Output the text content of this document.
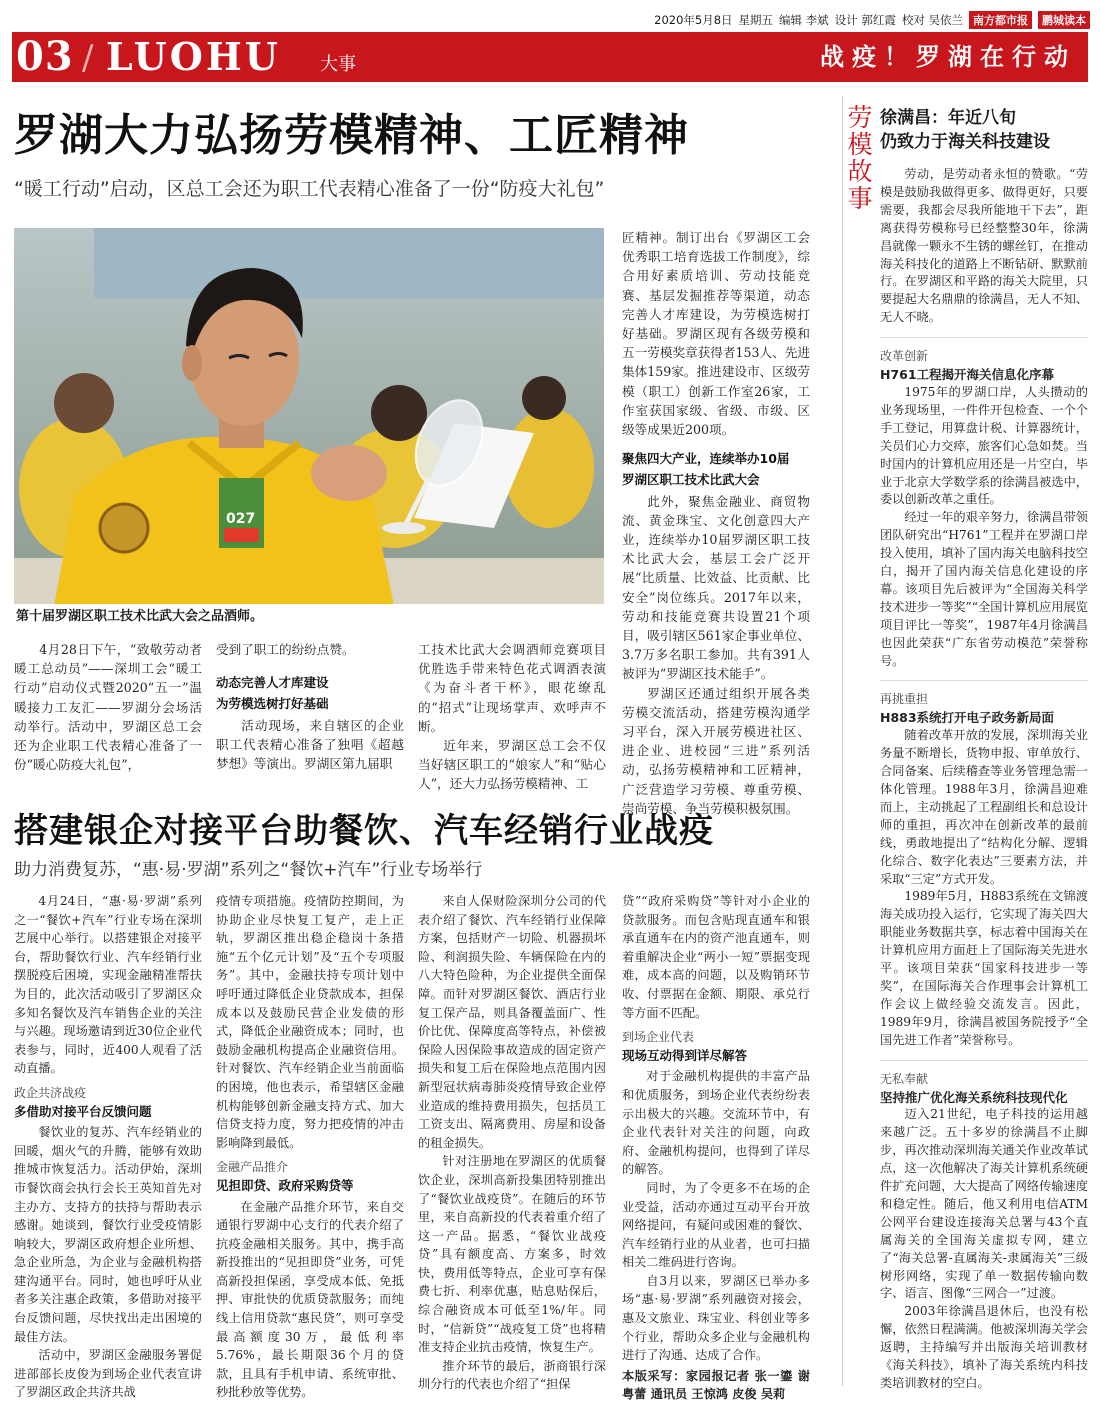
2020年5月8日 星期五 编辑 李斌 设计 郭红霞 校对 吴依兰 南方都市报	鹏城读本
03 / LUOHU 大事	战疫！罗湖在行动
罗湖大力弘扬劳模精神、工匠精神
“暖工行动”启动，区总工会还为职工代表精心准备了一份“防疫大礼包”
027
第十届罗湖区职工技术比武大会之品酒师。

匠精神。制订出台《罗湖区工会优秀职工培育选拔工作制度》，综合用好素质培训、劳动技能竞赛、基层发掘推荐等渠道，动态完善人才库建设，为劳模选树打好基础。罗湖区现有各级劳模和五一劳模奖章获得者153人、先进集体159家。推进建设市、区级劳模（职工）创新工作室26家，工作室获国家级、省级、市级、区级等成果近200项。

聚焦四大产业，连续举办10届
罗湖区职工技术比武大会

此外，聚焦金融业、商贸物流、黄金珠宝、文化创意四大产业，连续举办10届罗湖区职工技术比武大会，基层工会广泛开展“比质量、比效益、比贡献、比安全”岗位练兵。2017年以来，劳动和技能竞赛共设置21个项目，吸引辖区561家企事业单位、3.7万多名职工参加。共有391人被评为“罗湖区技术能手”。

罗湖区还通过组织开展各类劳模交流活动，搭建劳模沟通学习平台，深入开展劳模进社区、进企业、进校园“三进”系列活动，弘扬劳模精神和工匠精神，广泛营造学习劳模、尊重劳模、崇尚劳模、争当劳模积极氛围。

4月28日下午，“致敬劳动者 暖工总动员”——深圳工会“暖工行动”启动仪式暨2020“五一”温暖接力工友汇——罗湖分会场活动举行。活动中，罗湖区总工会还为企业职工代表精心准备了一份“暖心防疫大礼包”，

受到了职工的纷纷点赞。

动态完善人才库建设
为劳模选树打好基础

活动现场，来自辖区的企业职工代表精心准备了独唱《超越梦想》等演出。罗湖区第九届职

工技术比武大会调酒师竞赛项目优胜选手带来特色花式调酒表演《为奋斗者干杯》，眼花缭乱的“招式”让现场掌声、欢呼声不断。

近年来，罗湖区总工会不仅当好辖区职工的“娘家人”和“贴心人”，还大力弘扬劳模精神、工

搭建银企对接平台助餐饮、汽车经销行业战疫
助力消费复苏，“惠·易·罗湖”系列之“餐饮+汽车”行业专场举行

4月24日，“惠·易·罗湖”系列之一“餐饮+汽车”行业专场在深圳艺展中心举行。以搭建银企对接平台，帮助餐饮行业、汽车经销行业摆脱疫后困境，实现金融精准帮扶为目的，此次活动吸引了罗湖区众多知名餐饮及汽车销售企业的关注与兴趣。现场邀请到近30位企业代表参与，同时，近400人观看了活动直播。

政企共济战疫
多借助对接平台反馈问题

餐饮业的复苏、汽车经销业的回暖，烟火气的升腾，能够有效助推城市恢复活力。活动伊始，深圳市餐饮商会执行会长王英知首先对主办方、支持方的扶持与帮助表示感谢。她谈到，餐饮行业受疫情影响较大，罗湖区政府想企业所想、急企业所急，为企业与金融机构搭建沟通平台。同时，她也呼吁从业者多关注惠企政策，多借助对接平台反馈问题，尽快找出走出困境的最佳方法。

活动中，罗湖区金融服务署促进部部长皮俊为到场企业代表宣讲了罗湖区政企共济共战

疫情专项措施。疫情防控期间，为协助企业尽快复工复产，走上正轨，罗湖区推出稳企稳岗十条措施“五个亿元计划”及“五个专项服务”。其中，金融扶持专项计划中呼吁通过降低企业贷款成本，担保成本以及鼓励民营企业发债的形式，降低企业融资成本；同时，也鼓励金融机构提高企业融资信用。针对餐饮、汽车经销企业当前面临的困境，他也表示，希望辖区金融机构能够创新金融支持方式、加大信贷支持力度，努力把疫情的冲击影响降到最低。

金融产品推介
见担即贷、政府采购贷等

在金融产品推介环节，来自交通银行罗湖中心支行的代表介绍了抗疫金融相关服务。其中，携手高新投推出的“见担即贷”业务，可凭高新投担保函，享受成本低、免抵押、审批快的优质贷款服务；而纯线上信用贷款“惠民贷”，则可享受最高额度30万，最低利率5.76%，最长期限36个月的贷款，且具有手机申请、系统审批、秒批秒放等优势。

来自人保财险深圳分公司的代表介绍了餐饮、汽车经销行业保障方案，包括财产一切险、机器损坏险、利润损失险、车辆保险在内的八大特色险种，为企业提供全面保障。而针对罗湖区餐饮、酒店行业复工保产品，则具备覆盖面广、性价比优、保障度高等特点，补偿被保险人因保险事故造成的固定资产损失和复工后在保险地点范围内因新型冠状病毒肺炎疫情导致企业停业造成的维持费用损失，包括员工工资支出、隔离费用、房屋和设备的租金损失。

针对注册地在罗湖区的优质餐饮企业，深圳高新投集团特别推出了“餐饮业战疫贷”。在随后的环节里，来自高新投的代表着重介绍了这一产品。据悉，“餐饮业战疫贷”具有额度高、方案多，时效快，费用低等特点，企业可享有保费七折、利率优惠，贴息贴保后，综合融资成本可低至1%/年。同时，“信新贷”“战疫复工贷”也将精准支持企业抗击疫情，恢复生产。

推介环节的最后，浙商银行深圳分行的代表也介绍了“担保

贷”“政府采购贷”等针对小企业的贷款服务。而包含贴现直通车和银承直通车在内的资产池直通车，则着重解决企业“两小一短”票据变现难，成本高的问题，以及购销环节收、付票据在金额、期限、承兑行等方面不匹配。

到场企业代表
现场互动得到详尽解答

对于金融机构提供的丰富产品和优质服务，到场企业代表纷纷表示出极大的兴趣。交流环节中，有企业代表针对关注的问题，向政府、金融机构提问，也得到了详尽的解答。

同时，为了令更多不在场的企业受益，活动亦通过互动平台开放网络提问，有疑问或困难的餐饮、汽车经销行业的从业者，也可扫描相关二维码进行咨询。

自3月以来，罗湖区已举办多场“惠·易·罗湖”系列融资对接会，惠及文旅业、珠宝业、科创业等多个行业，帮助众多企业与金融机构进行了沟通、达成了合作。

本版采写：家园报记者 张一鎏 谢粤蕾 通讯员 王惊鸿 皮俊 吴莉
劳
模
故
事
徐满昌：年近八旬
仍致力于海关科技建设

劳动，是劳动者永恒的赞歌。“劳模是鼓励我做得更多、做得更好，只要需要，我都会尽我所能地干下去”，距离获得劳模称号已经整整30年，徐满昌就像一颗永不生锈的螺丝钉，在推动海关科技化的道路上不断钻研、默默前行。在罗湖区和平路的海关大院里，只要提起大名鼎鼎的徐满昌，无人不知、无人不晓。

改革创新
H761工程揭开海关信息化序幕

1975年的罗湖口岸，人头攒动的业务现场里，一件件开包检查、一个个手工登记，用算盘计税、计算器统计，关员们心力交瘁，旅客们心急如焚。当时国内的计算机应用还是一片空白，毕业于北京大学数学系的徐满昌被选中，委以创新改革之重任。

经过一年的艰辛努力，徐满昌带领团队研究出“H761”工程并在罗湖口岸投入使用，填补了国内海关电脑科技空白，揭开了国内海关信息化建设的序幕。该项目先后被评为“全国海关科学技术进步一等奖”“全国计算机应用展览项目评比一等奖”，1987年4月徐满昌也因此荣获“广东省劳动模范”荣誉称号。

再挑重担
H883系统打开电子政务新局面

随着改革开放的发展，深圳海关业务量不断增长，货物申报、审单放行、合同备案、后续稽查等业务管理急需一体化管理。1988年3月，徐满昌迎难而上，主动挑起了工程副组长和总设计师的重担，再次冲在创新改革的最前线，勇敢地提出了“结构化分解、逻辑化综合、数字化表达”三要素方法，并采取“三定”方式开发。

1989年5月，H883系统在文锦渡海关成功投入运行，它实现了海关四大职能业务数据共享，标志着中国海关在计算机应用方面赶上了国际海关先进水平。该项目荣获“国家科技进步一等奖”，在国际海关合作理事会计算机工作会议上做经验交流发言。因此，1989年9月，徐满昌被国务院授予“全国先进工作者”荣誉称号。

无私奉献
坚持推广优化海关系统科技现代化

迈入21世纪，电子科技的运用越来越广泛。五十多岁的徐满昌不止脚步，再次推动深圳海关通关作业改革试点，这一次他解决了海关计算机系统硬件扩充问题，大大提高了网络传输速度和稳定性。随后，他又利用电信ATM公网平台建设连接海关总署与43个直属海关的全国海关虚拟专网，建立了“海关总署-直属海关-隶属海关”三级树形网络，实现了单一数据传输向数字、语言、图像“三网合一”过渡。

2003年徐满昌退休后，也没有松懈，依然日程满满。他被深圳海关学会返聘，主持编写并出版海关培训教材《海关科技》，填补了海关系统内科技类培训教材的空白。
